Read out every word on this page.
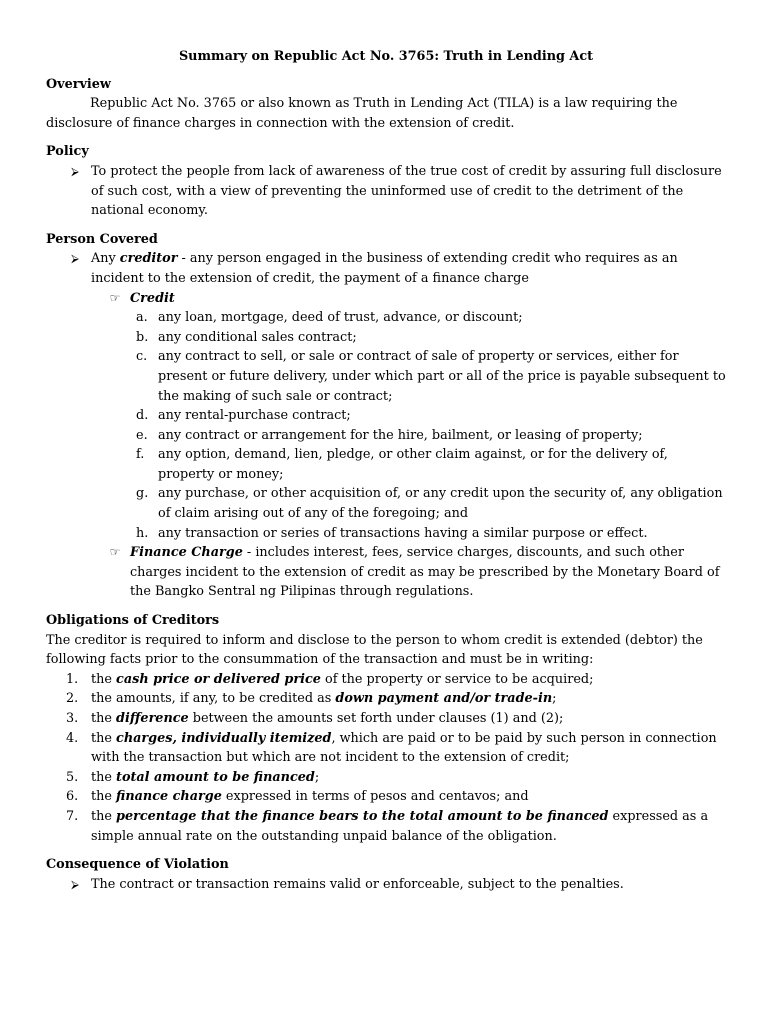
Summary on Republic Act No. 3765: Truth in Lending Act

Overview

Republic Act No. 3765 or also known as Truth in Lending Act (TILA) is a law requiring the disclosure of finance charges in connection with the extension of credit.

Policy
⮚ To protect the people from lack of awareness of the true cost of credit by assuring full disclosure of such cost, with a view of preventing the uninformed use of credit to the detriment of the national economy.
Person Covered
⮚ Any creditor - any person engaged in the business of extending credit who requires as an incident to the extension of credit, the payment of a finance charge
☞ Credit
a. any loan, mortgage, deed of trust, advance, or discount;
b. any conditional sales contract;
c. any contract to sell, or sale or contract of sale of property or services, either for present or future delivery, under which part or all of the price is payable subsequent to the making of such sale or contract;
d. any rental-purchase contract;
e. any contract or arrangement for the hire, bailment, or leasing of property;
f. any option, demand, lien, pledge, or other claim against, or for the delivery of, property or money;
g. any purchase, or other acquisition of, or any credit upon the security of, any obligation of claim arising out of any of the foregoing; and
h. any transaction or series of transactions having a similar purpose or effect.
☞ Finance Charge - includes interest, fees, service charges, discounts, and such other charges incident to the extension of credit as may be prescribed by the Monetary Board of the Bangko Sentral ng Pilipinas through regulations.
Obligations of Creditors

The creditor is required to inform and disclose to the person to whom credit is extended (debtor) the following facts prior to the consummation of the transaction and must be in writing:

1. the cash price or delivered price of the property or service to be acquired;
2. the amounts, if any, to be credited as down payment and/or trade-in;
3. the difference between the amounts set forth under clauses (1) and (2);
4. the charges, individually itemized, which are paid or to be paid by such person in connection with the transaction but which are not incident to the extension of credit;
5. the total amount to be financed;
6. the finance charge expressed in terms of pesos and centavos; and
7. the percentage that the finance bears to the total amount to be financed expressed as a simple annual rate on the outstanding unpaid balance of the obligation.
Consequence of Violation
⮚ The contract or transaction remains valid or enforceable, subject to the penalties.
